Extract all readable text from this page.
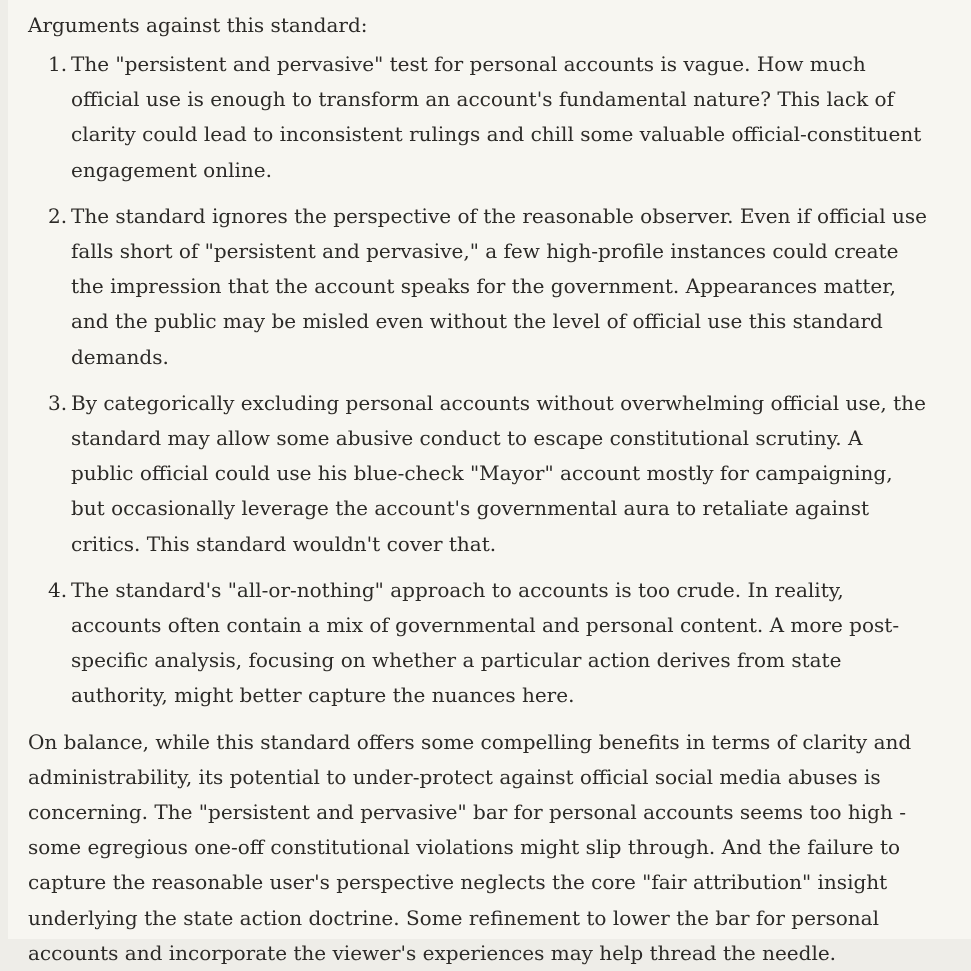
Arguments against this standard:

1. The "persistent and pervasive" test for personal accounts is vague. How much official use is enough to transform an account's fundamental nature? This lack of clarity could lead to inconsistent rulings and chill some valuable official-constituent engagement online.
2. The standard ignores the perspective of the reasonable observer. Even if official use falls short of "persistent and pervasive," a few high-profile instances could create the impression that the account speaks for the government. Appearances matter, and the public may be misled even without the level of official use this standard demands.
3. By categorically excluding personal accounts without overwhelming official use, the standard may allow some abusive conduct to escape constitutional scrutiny. A public official could use his blue-check "Mayor" account mostly for campaigning, but occasionally leverage the account's governmental aura to retaliate against critics. This standard wouldn't cover that.
4. The standard's "all-or-nothing" approach to accounts is too crude. In reality, accounts often contain a mix of governmental and personal content. A more post-specific analysis, focusing on whether a particular action derives from state authority, might better capture the nuances here.

On balance, while this standard offers some compelling benefits in terms of clarity and administrability, its potential to under-protect against official social media abuses is concerning. The "persistent and pervasive" bar for personal accounts seems too high - some egregious one-off constitutional violations might slip through. And the failure to capture the reasonable user's perspective neglects the core "fair attribution" insight underlying the state action doctrine. Some refinement to lower the bar for personal accounts and incorporate the viewer's experiences may help thread the needle.
